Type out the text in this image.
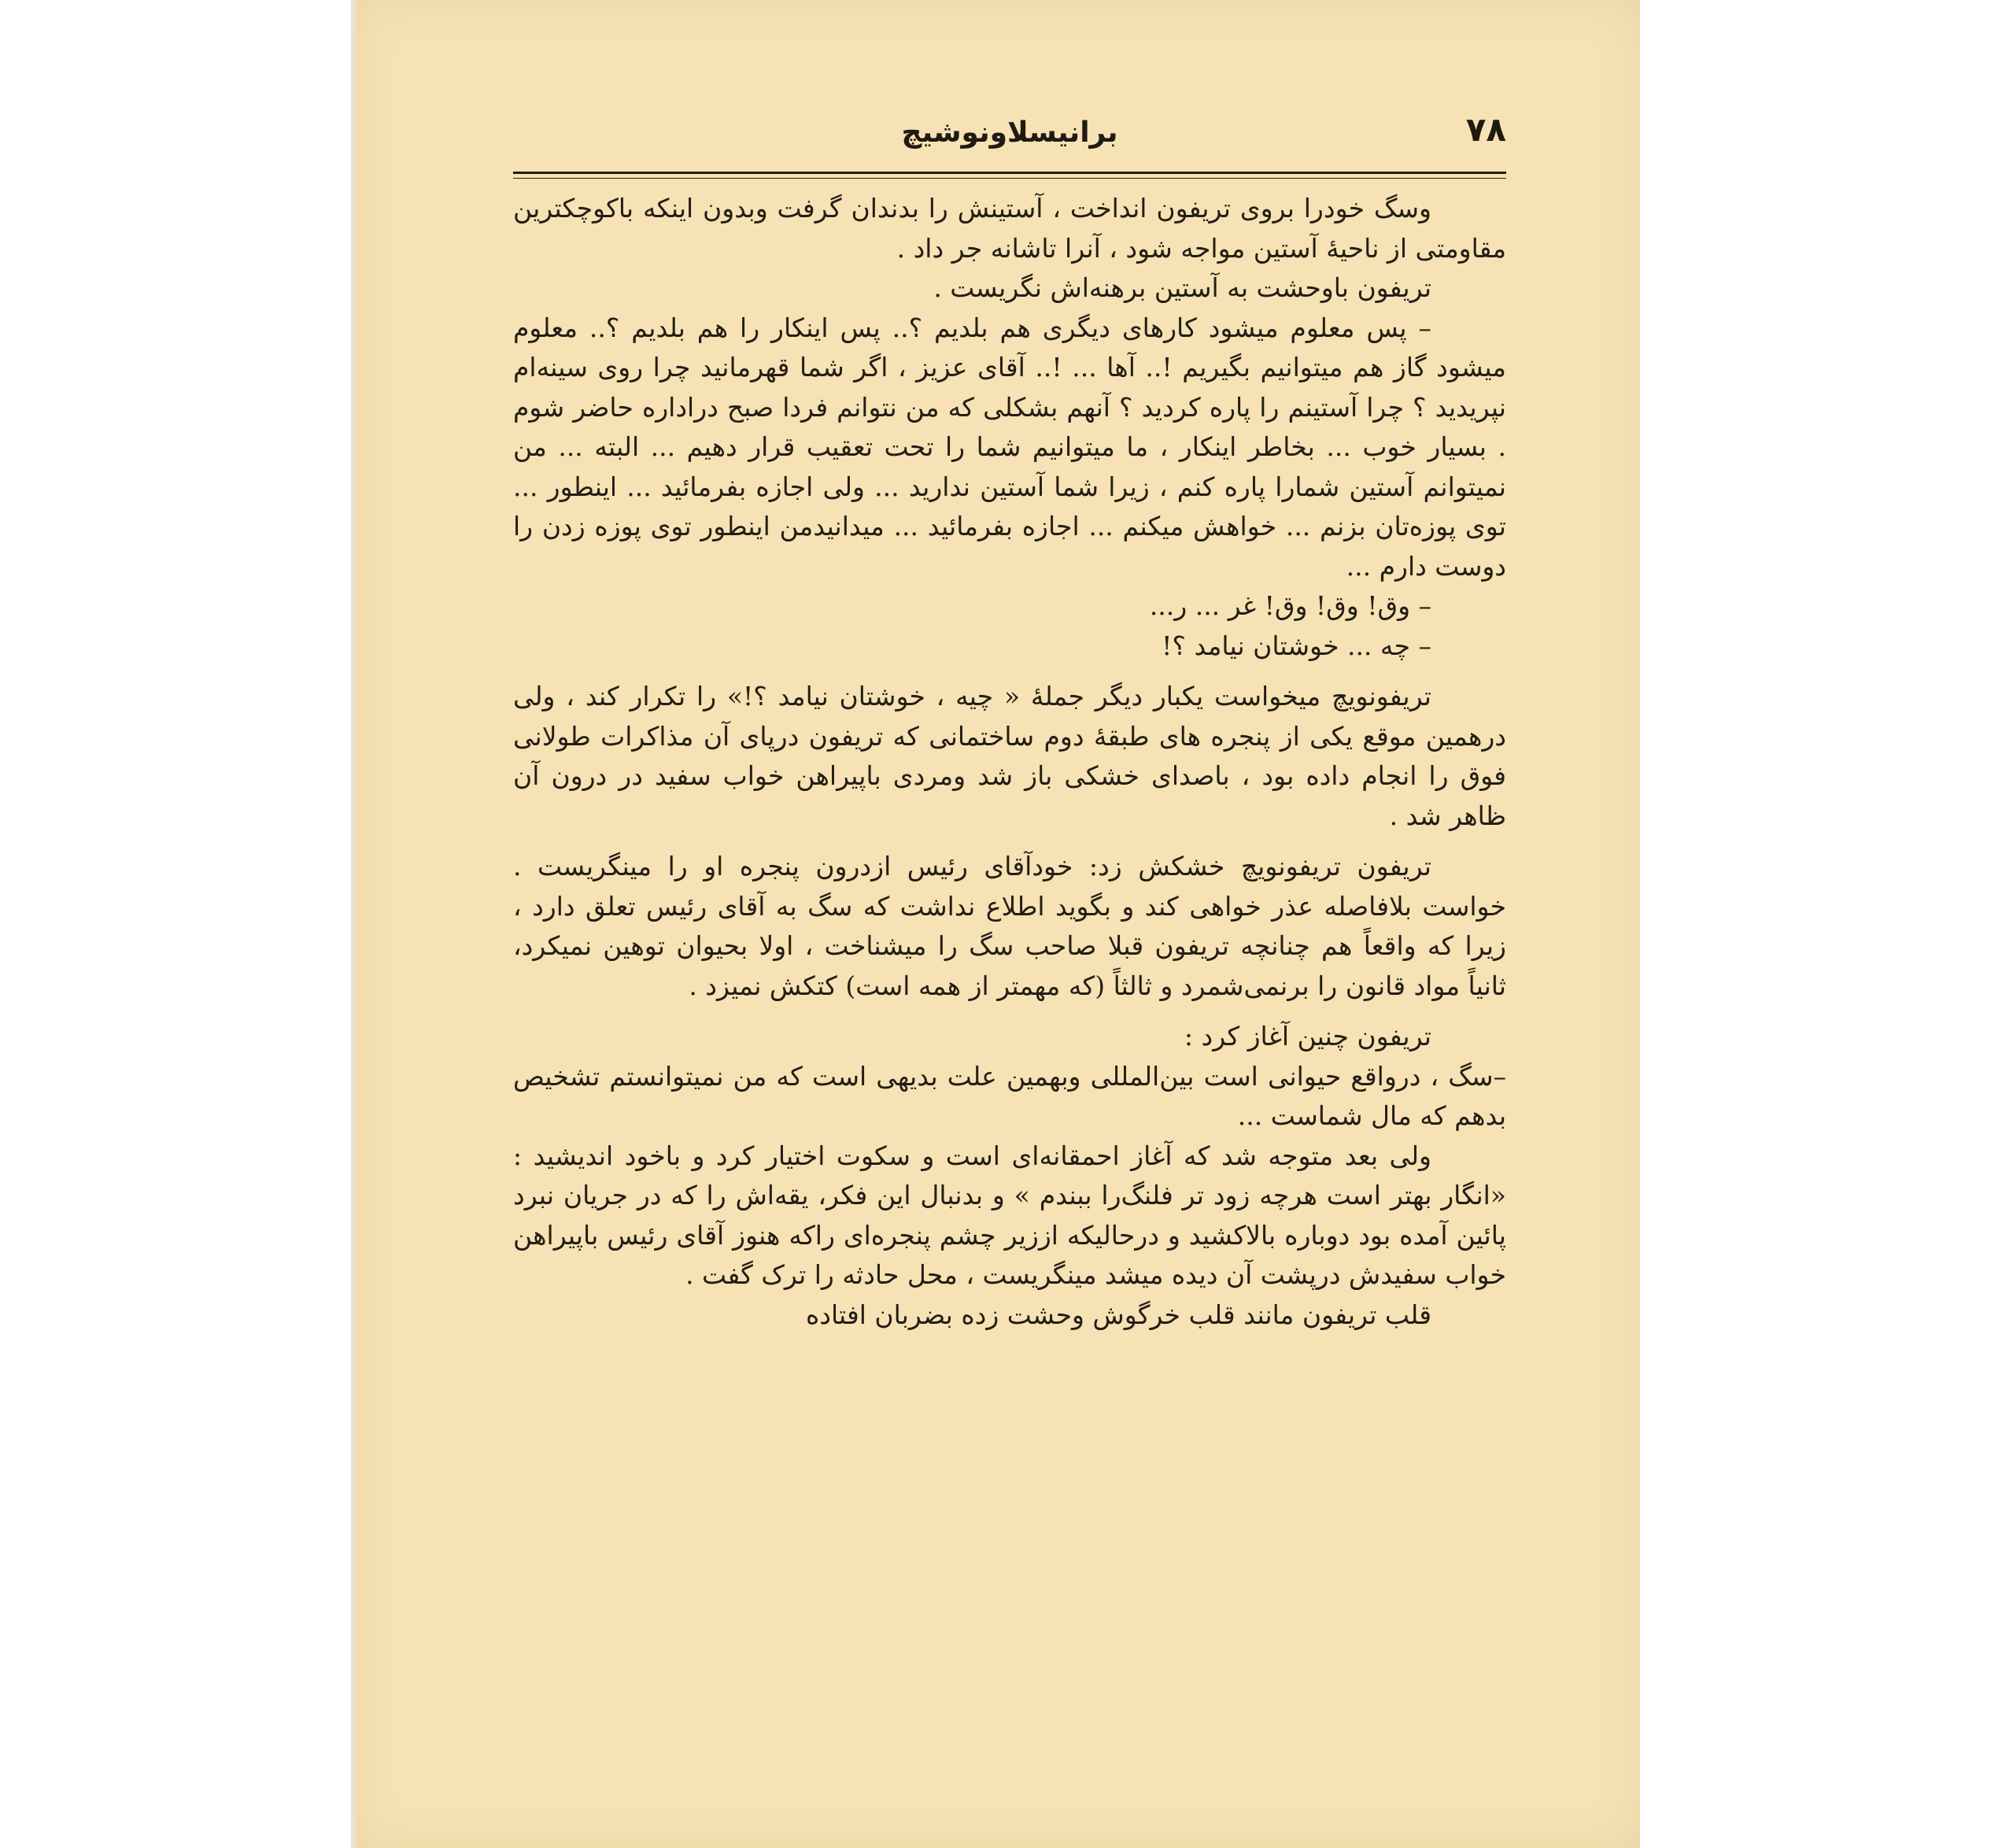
۷۸
برانیسلاونوشیچ

وسگ خودرا بروی تریفون انداخت ، آستینش را بدندان گرفت وبدون اینکه باکوچکترین مقاومتی از ناحیهٔ آستین مواجه شود ، آنرا تاشانه جر داد .

تریفون باوحشت به آستین برهنه‌اش نگریست .

– پس معلوم میشود کارهای دیگری هم بلدیم ؟.. پس اینکار را هم بلدیم ؟.. معلوم میشود گاز هم میتوانیم بگیریم !.. آها ... !.. آقای عزیز ، اگر شما قهرمانید چرا روی سینه‌ام نپریدید ؟ چرا آستینم را پاره کردید ؟ آنهم بشکلی که من نتوانم فردا صبح دراداره حاضر شوم . بسیار خوب ... بخاطر اینکار ، ما میتوانیم شما را تحت تعقیب قرار دهیم ... البته ... من نمیتوانم آستین شمارا پاره کنم ، زیرا شما آستین ندارید ... ولی اجازه بفرمائید ... اینطور ... توی پوزه‌تان بزنم ... خواهش میکنم ... اجازه بفرمائید ... میدانیدمن اینطور توی پوزه زدن را دوست دارم ...

– وق! وق! وق! غر ... ر...

– چه ... خوشتان نیامد ؟!

تریفونویچ میخواست یکبار دیگر جملهٔ « چیه ، خوشتان نیامد ؟!» را تکرار کند ، ولی درهمین موقع یکی از پنجره های طبقهٔ دوم ساختمانی که تریفون درپای آن مذاکرات طولانی فوق را انجام داده بود ، باصدای خشکی باز شد ومردی باپیراهن خواب سفید در درون آن ظاهر شد .

تریفون تریفونویچ خشکش زد: خودآقای رئیس ازدرون پنجره او را مینگریست . خواست بلافاصله عذر خواهی کند و بگوید اطلاع نداشت که سگ به آقای رئیس تعلق دارد ، زیرا که واقعاً هم چنانچه تریفون قبلا صاحب سگ را میشناخت ، اولا بحیوان توهین نمیکرد، ثانیاً مواد قانون را برنمی‌شمرد و ثالثاً (که مهمتر از همه است) کتکش نمیزد .

تریفون چنین آغاز کرد :

–سگ ، درواقع حیوانی است بین‌المللی وبهمین علت بدیهی است که من نمیتوانستم تشخیص بدهم که مال شماست ...

ولی بعد متوجه شد که آغاز احمقانه‌ای است و سکوت اختیار کرد و باخود اندیشید : «انگار بهتر است هرچه زود تر فلنگ‌را ببندم » و بدنبال این فکر، یقه‌اش را که در جریان نبرد پائین آمده بود دوباره بالاکشید و درحالیکه اززیر چشم پنجره‌ای راکه هنوز آقای رئیس باپیراهن خواب سفیدش درپشت آن دیده میشد مینگریست ، محل حادثه را ترک گفت .

قلب تریفون مانند قلب خرگوش وحشت زده بضربان افتاده
